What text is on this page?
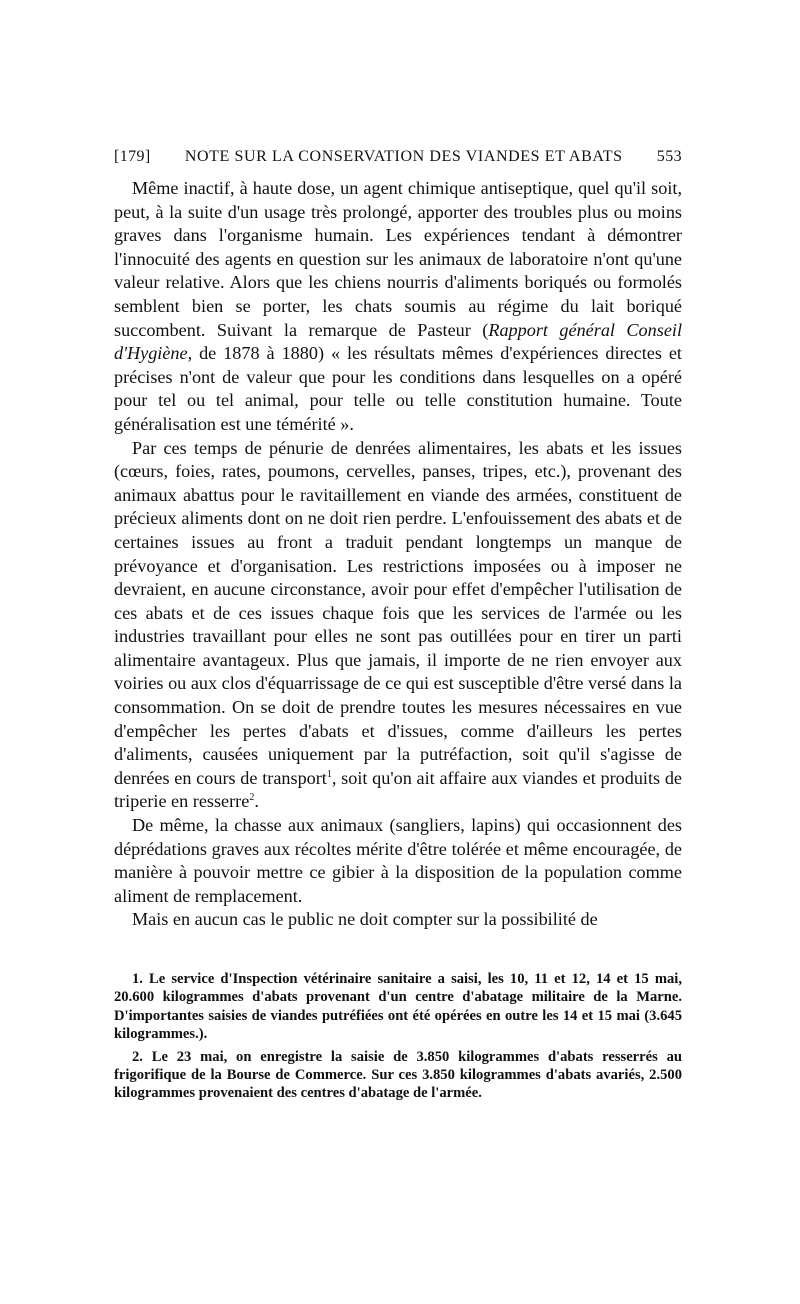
[179]	NOTE SUR LA CONSERVATION DES VIANDES ET ABATS	553

Même inactif, à haute dose, un agent chimique antiseptique, quel qu'il soit, peut, à la suite d'un usage très prolongé, apporter des troubles plus ou moins graves dans l'organisme humain. Les expériences tendant à démontrer l'innocuité des agents en question sur les animaux de laboratoire n'ont qu'une valeur relative. Alors que les chiens nourris d'aliments boriqués ou formolés semblent bien se porter, les chats soumis au régime du lait boriqué succombent. Suivant la remarque de Pasteur (Rapport général Conseil d'Hygiène, de 1878 à 1880) « les résultats mêmes d'expériences directes et précises n'ont de valeur que pour les conditions dans lesquelles on a opéré pour tel ou tel animal, pour telle ou telle constitution humaine. Toute généralisation est une témérité ».

Par ces temps de pénurie de denrées alimentaires, les abats et les issues (cœurs, foies, rates, poumons, cervelles, panses, tripes, etc.), provenant des animaux abattus pour le ravitaillement en viande des armées, constituent de précieux aliments dont on ne doit rien perdre. L'enfouissement des abats et de certaines issues au front a traduit pendant longtemps un manque de prévoyance et d'organisation. Les restrictions imposées ou à imposer ne devraient, en aucune circonstance, avoir pour effet d'empêcher l'utilisation de ces abats et de ces issues chaque fois que les services de l'armée ou les industries travaillant pour elles ne sont pas outillées pour en tirer un parti alimentaire avantageux. Plus que jamais, il importe de ne rien envoyer aux voiries ou aux clos d'équarrissage de ce qui est susceptible d'être versé dans la consommation. On se doit de prendre toutes les mesures nécessaires en vue d'empêcher les pertes d'abats et d'issues, comme d'ailleurs les pertes d'aliments, causées uniquement par la putréfaction, soit qu'il s'agisse de denrées en cours de transport$^1$, soit qu'on ait affaire aux viandes et produits de triperie en resserre$^2$.

De même, la chasse aux animaux (sangliers, lapins) qui occasionnent des déprédations graves aux récoltes mérite d'être tolérée et même encouragée, de manière à pouvoir mettre ce gibier à la disposition de la population comme aliment de remplacement.

Mais en aucun cas le public ne doit compter sur la possibilité de

1. Le service d'Inspection vétérinaire sanitaire a saisi, les 10, 11 et 12, 14 et 15 mai, 20.600 kilogrammes d'abats provenant d'un centre d'abatage militaire de la Marne. D'importantes saisies de viandes putréfiées ont été opérées en outre les 14 et 15 mai (3.645 kilogrammes.).

2. Le 23 mai, on enregistre la saisie de 3.850 kilogrammes d'abats resserrés au frigorifique de la Bourse de Commerce. Sur ces 3.850 kilogrammes d'abats avariés, 2.500 kilogrammes provenaient des centres d'abatage de l'armée.
